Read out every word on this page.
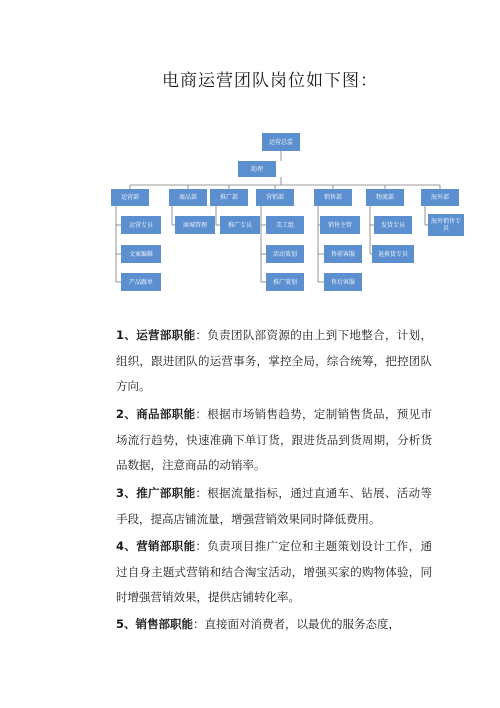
电商运营团队岗位如下图：
运营总监
助理
运营部	商品部	推广部	营销部	销售部	物流部	海外部
运营专员
文案编辑
产品跟单
商城管理	推广专员	美工组
活动策划
推广策划
销售主管
售前客服
售后客服
发货专员
退换货专员
海外销售专员
1、运营部职能：负责团队部资源的由上到下地整合，计划，组织，跟进团队的运营事务，掌控全局，综合统筹，把控团队方向。
2、商品部职能：根据市场销售趋势，定制销售货品，预见市场流行趋势，快速准确下单订货，跟进货品到货周期，分析货品数据，注意商品的动销率。
3、推广部职能：根据流量指标，通过直通车、钻展、活动等手段，提高店铺流量，增强营销效果同时降低费用。
4、营销部职能：负责项目推广定位和主题策划设计工作，通过自身主题式营销和结合淘宝活动，增强买家的购物体验，同时增强营销效果，提供店铺转化率。
5、销售部职能：直接面对消费者，以最优的服务态度，
